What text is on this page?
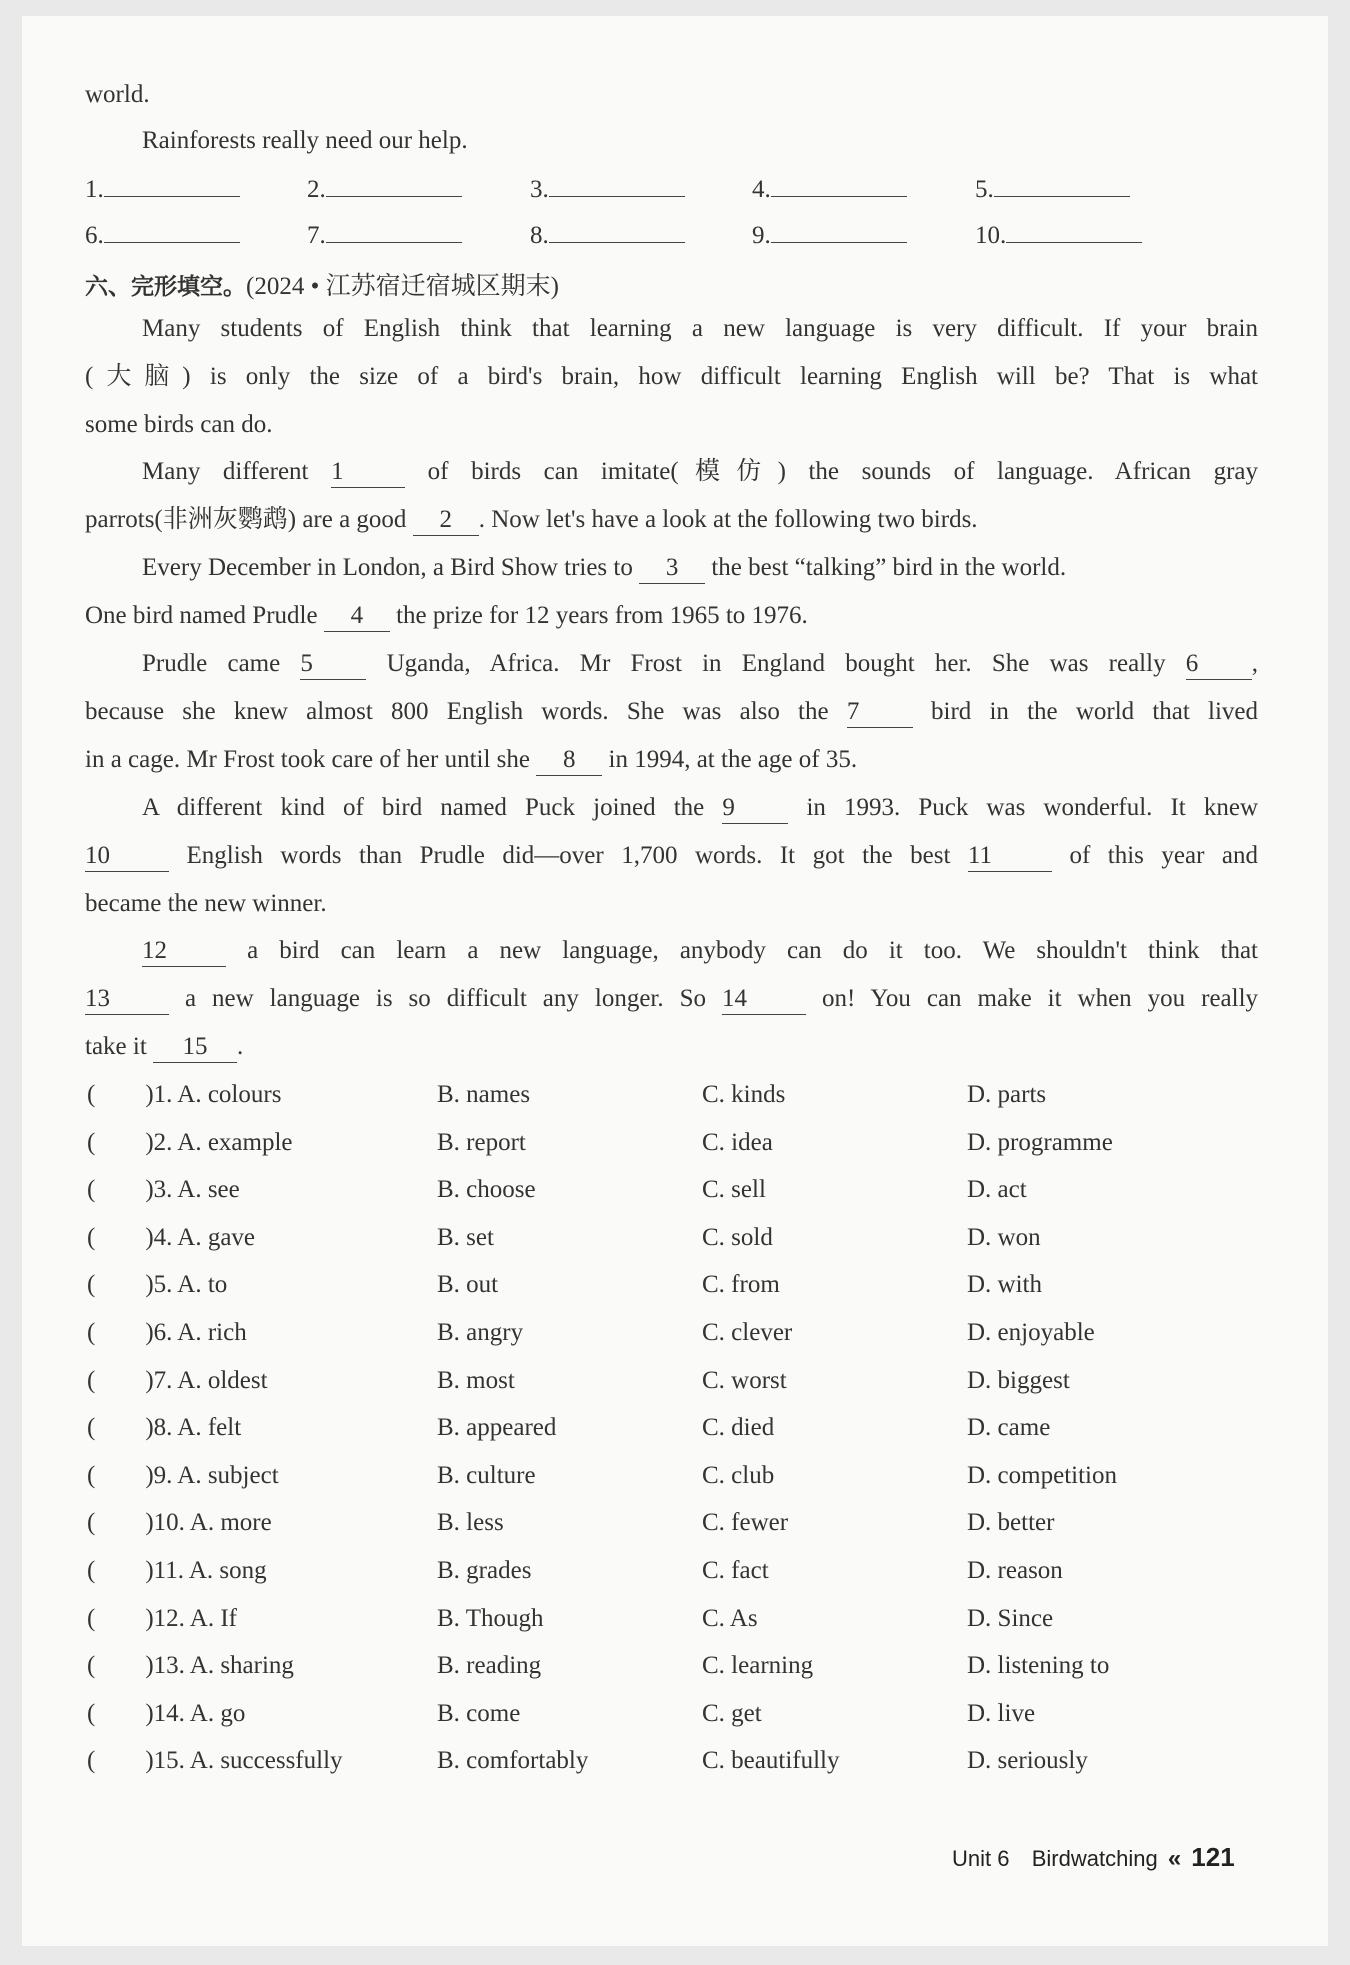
world.
Rainforests really need our help.
1.	2.	3.	4.	5.
6.	7.	8.	9.	10.
六、完形填空。(2024 • 江苏宿迁宿城区期末)
Many students of English think that learning a new language is very difficult. If your brain
(大脑) is only the size of a bird's brain, how difficult learning English will be? That is what
some birds can do.
Many different 1	of birds can imitate(模仿) the sounds of language. African gray
parrots(非洲灰鹦鹉) are a good 2 . Now let's have a look at the following two birds.
Every December in London, a Bird Show tries to 3 the best “talking” bird in the world.
One bird named Prudle 4 the prize for 12 years from 1965 to 1976.
Prudle came 5	Uganda, Africa. Mr Frost in England bought her. She was really 6 ,
because she knew almost 800 English words. She was also the 7	bird in the world that lived
in a cage. Mr Frost took care of her until she 8 in 1994, at the age of 35.
A different kind of bird named Puck joined the 9	in 1993. Puck was wonderful. It knew
10	English words than Prudle did—over 1,700 words. It got the best 11	of this year and
became the new winner.
12	a bird can learn a new language, anybody can do it too. We shouldn't think that
13	a new language is so difficult any longer. So 14	on! You can make it when you really
take it 15 .
(　　)1. A. colours	B. names	C. kinds	D. parts
(　　)2. A. example	B. report	C. idea	D. programme
(　　)3. A. see	B. choose	C. sell	D. act
(　　)4. A. gave	B. set	C. sold	D. won
(　　)5. A. to	B. out	C. from	D. with
(　　)6. A. rich	B. angry	C. clever	D. enjoyable
(　　)7. A. oldest	B. most	C. worst	D. biggest
(　　)8. A. felt	B. appeared	C. died	D. came
(　　)9. A. subject	B. culture	C. club	D. competition
(　　)10. A. more	B. less	C. fewer	D. better
(　　)11. A. song	B. grades	C. fact	D. reason
(　　)12. A. If	B. Though	C. As	D. Since
(　　)13. A. sharing	B. reading	C. learning	D. listening to
(　　)14. A. go	B. come	C. get	D. live
(　　)15. A. successfully	B. comfortably	C. beautifully	D. seriously
Unit 6 Birdwatching « 121
